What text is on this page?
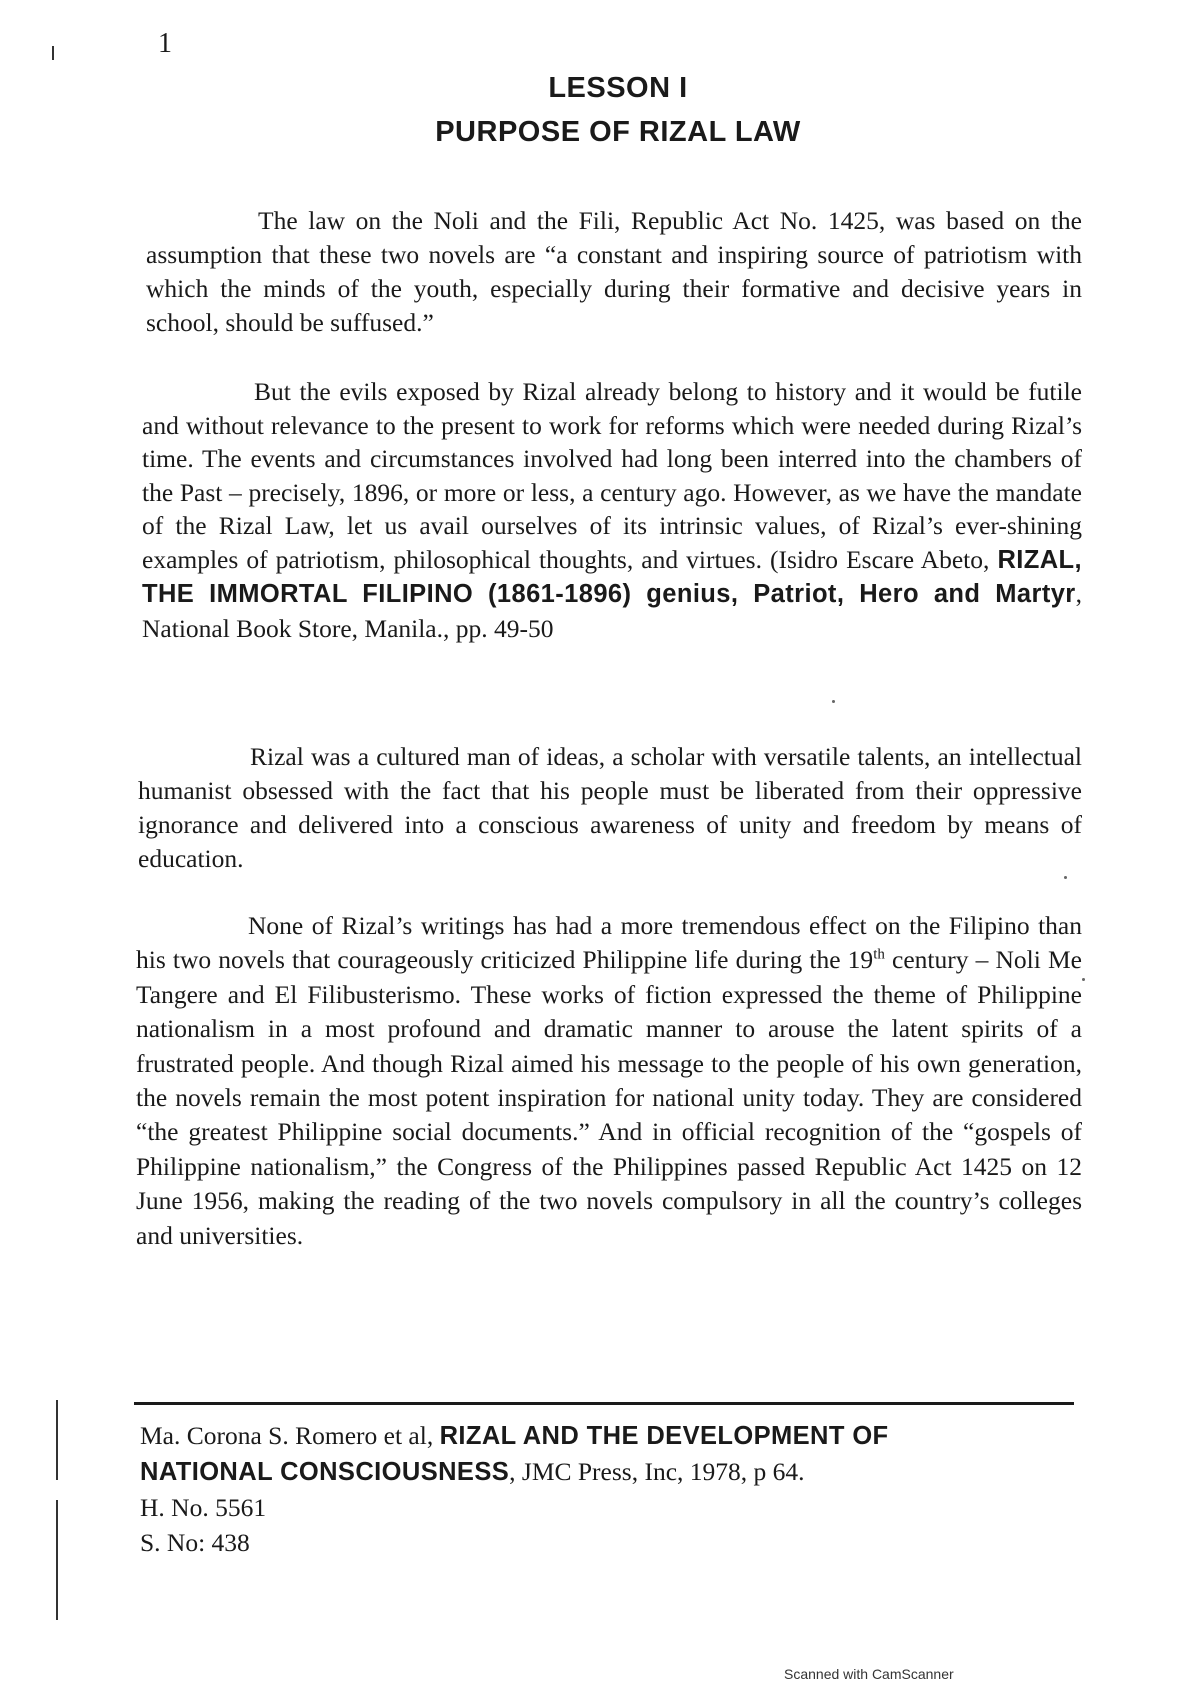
1
LESSON I
PURPOSE OF RIZAL LAW

The law on the Noli and the Fili, Republic Act No. 1425, was based on the assumption that these two novels are “a constant and inspiring source of patriotism with which the minds of the youth, especially during their formative and decisive years in school, should be suffused.”

But the evils exposed by Rizal already belong to history and it would be futile and without relevance to the present to work for reforms which were needed during Rizal’s time. The events and circumstances involved had long been interred into the chambers of the Past – precisely, 1896, or more or less, a century ago. However, as we have the mandate of the Rizal Law, let us avail ourselves of its intrinsic values, of Rizal’s ever-shining examples of patriotism, philosophical thoughts, and virtues. (Isidro Escare Abeto, RIZAL, THE IMMORTAL FILIPINO (1861-1896) genius, Patriot, Hero and Martyr, National Book Store, Manila., pp. 49-50

Rizal was a cultured man of ideas, a scholar with versatile talents, an intellectual humanist obsessed with the fact that his people must be liberated from their oppressive ignorance and delivered into a conscious awareness of unity and freedom by means of education.

None of Rizal’s writings has had a more tremendous effect on the Filipino than his two novels that courageously criticized Philippine life during the 19th century – Noli Me Tangere and El Filibusterismo. These works of fiction expressed the theme of Philippine nationalism in a most profound and dramatic manner to arouse the latent spirits of a frustrated people. And though Rizal aimed his message to the people of his own generation, the novels remain the most potent inspiration for national unity today. They are considered “the greatest Philippine social documents.” And in official recognition of the “gospels of Philippine nationalism,” the Congress of the Philippines passed Republic Act 1425 on 12 June 1956, making the reading of the two novels compulsory in all the country’s colleges and universities.

Ma. Corona S. Romero et al, RIZAL AND THE DEVELOPMENT OF
NATIONAL CONSCIOUSNESS, JMC Press, Inc, 1978, p 64.
H. No. 5561
S. No: 438
Scanned with CamScanner
